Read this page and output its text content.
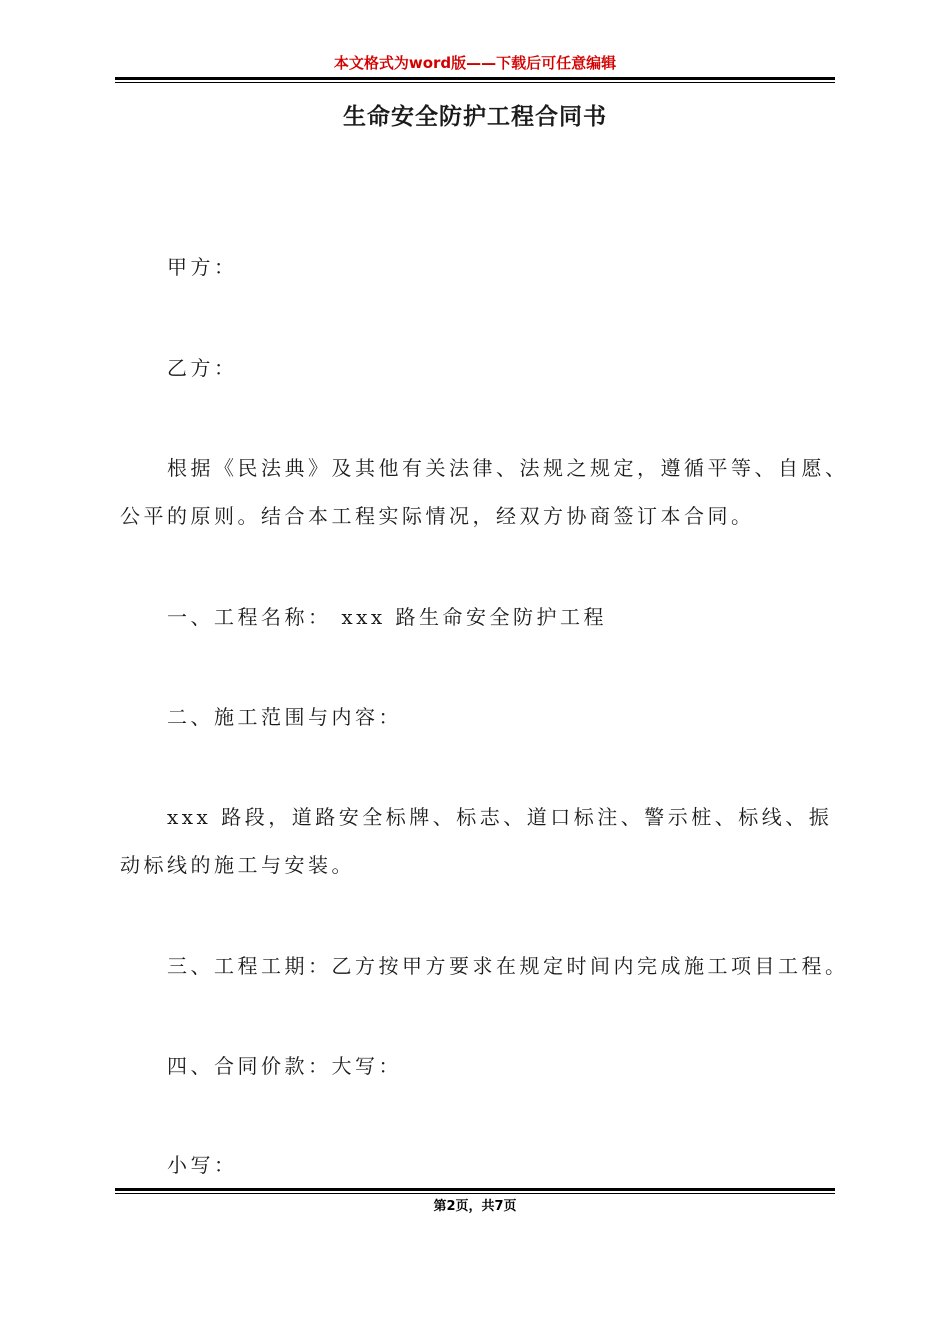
本文格式为word版——下载后可任意编辑
生命安全防护工程合同书
甲方：
乙方：
根据《民法典》及其他有关法律、法规之规定，遵循平等、自愿、
公平的原则。结合本工程实际情况，经双方协商签订本合同。
一、工程名称： xxx 路生命安全防护工程
二、施工范围与内容：
xxx 路段，道路安全标牌、标志、道口标注、警示桩、标线、振
动标线的施工与安装。
三、工程工期：乙方按甲方要求在规定时间内完成施工项目工程。
四、合同价款：大写：
小写：
第2页，共7页
